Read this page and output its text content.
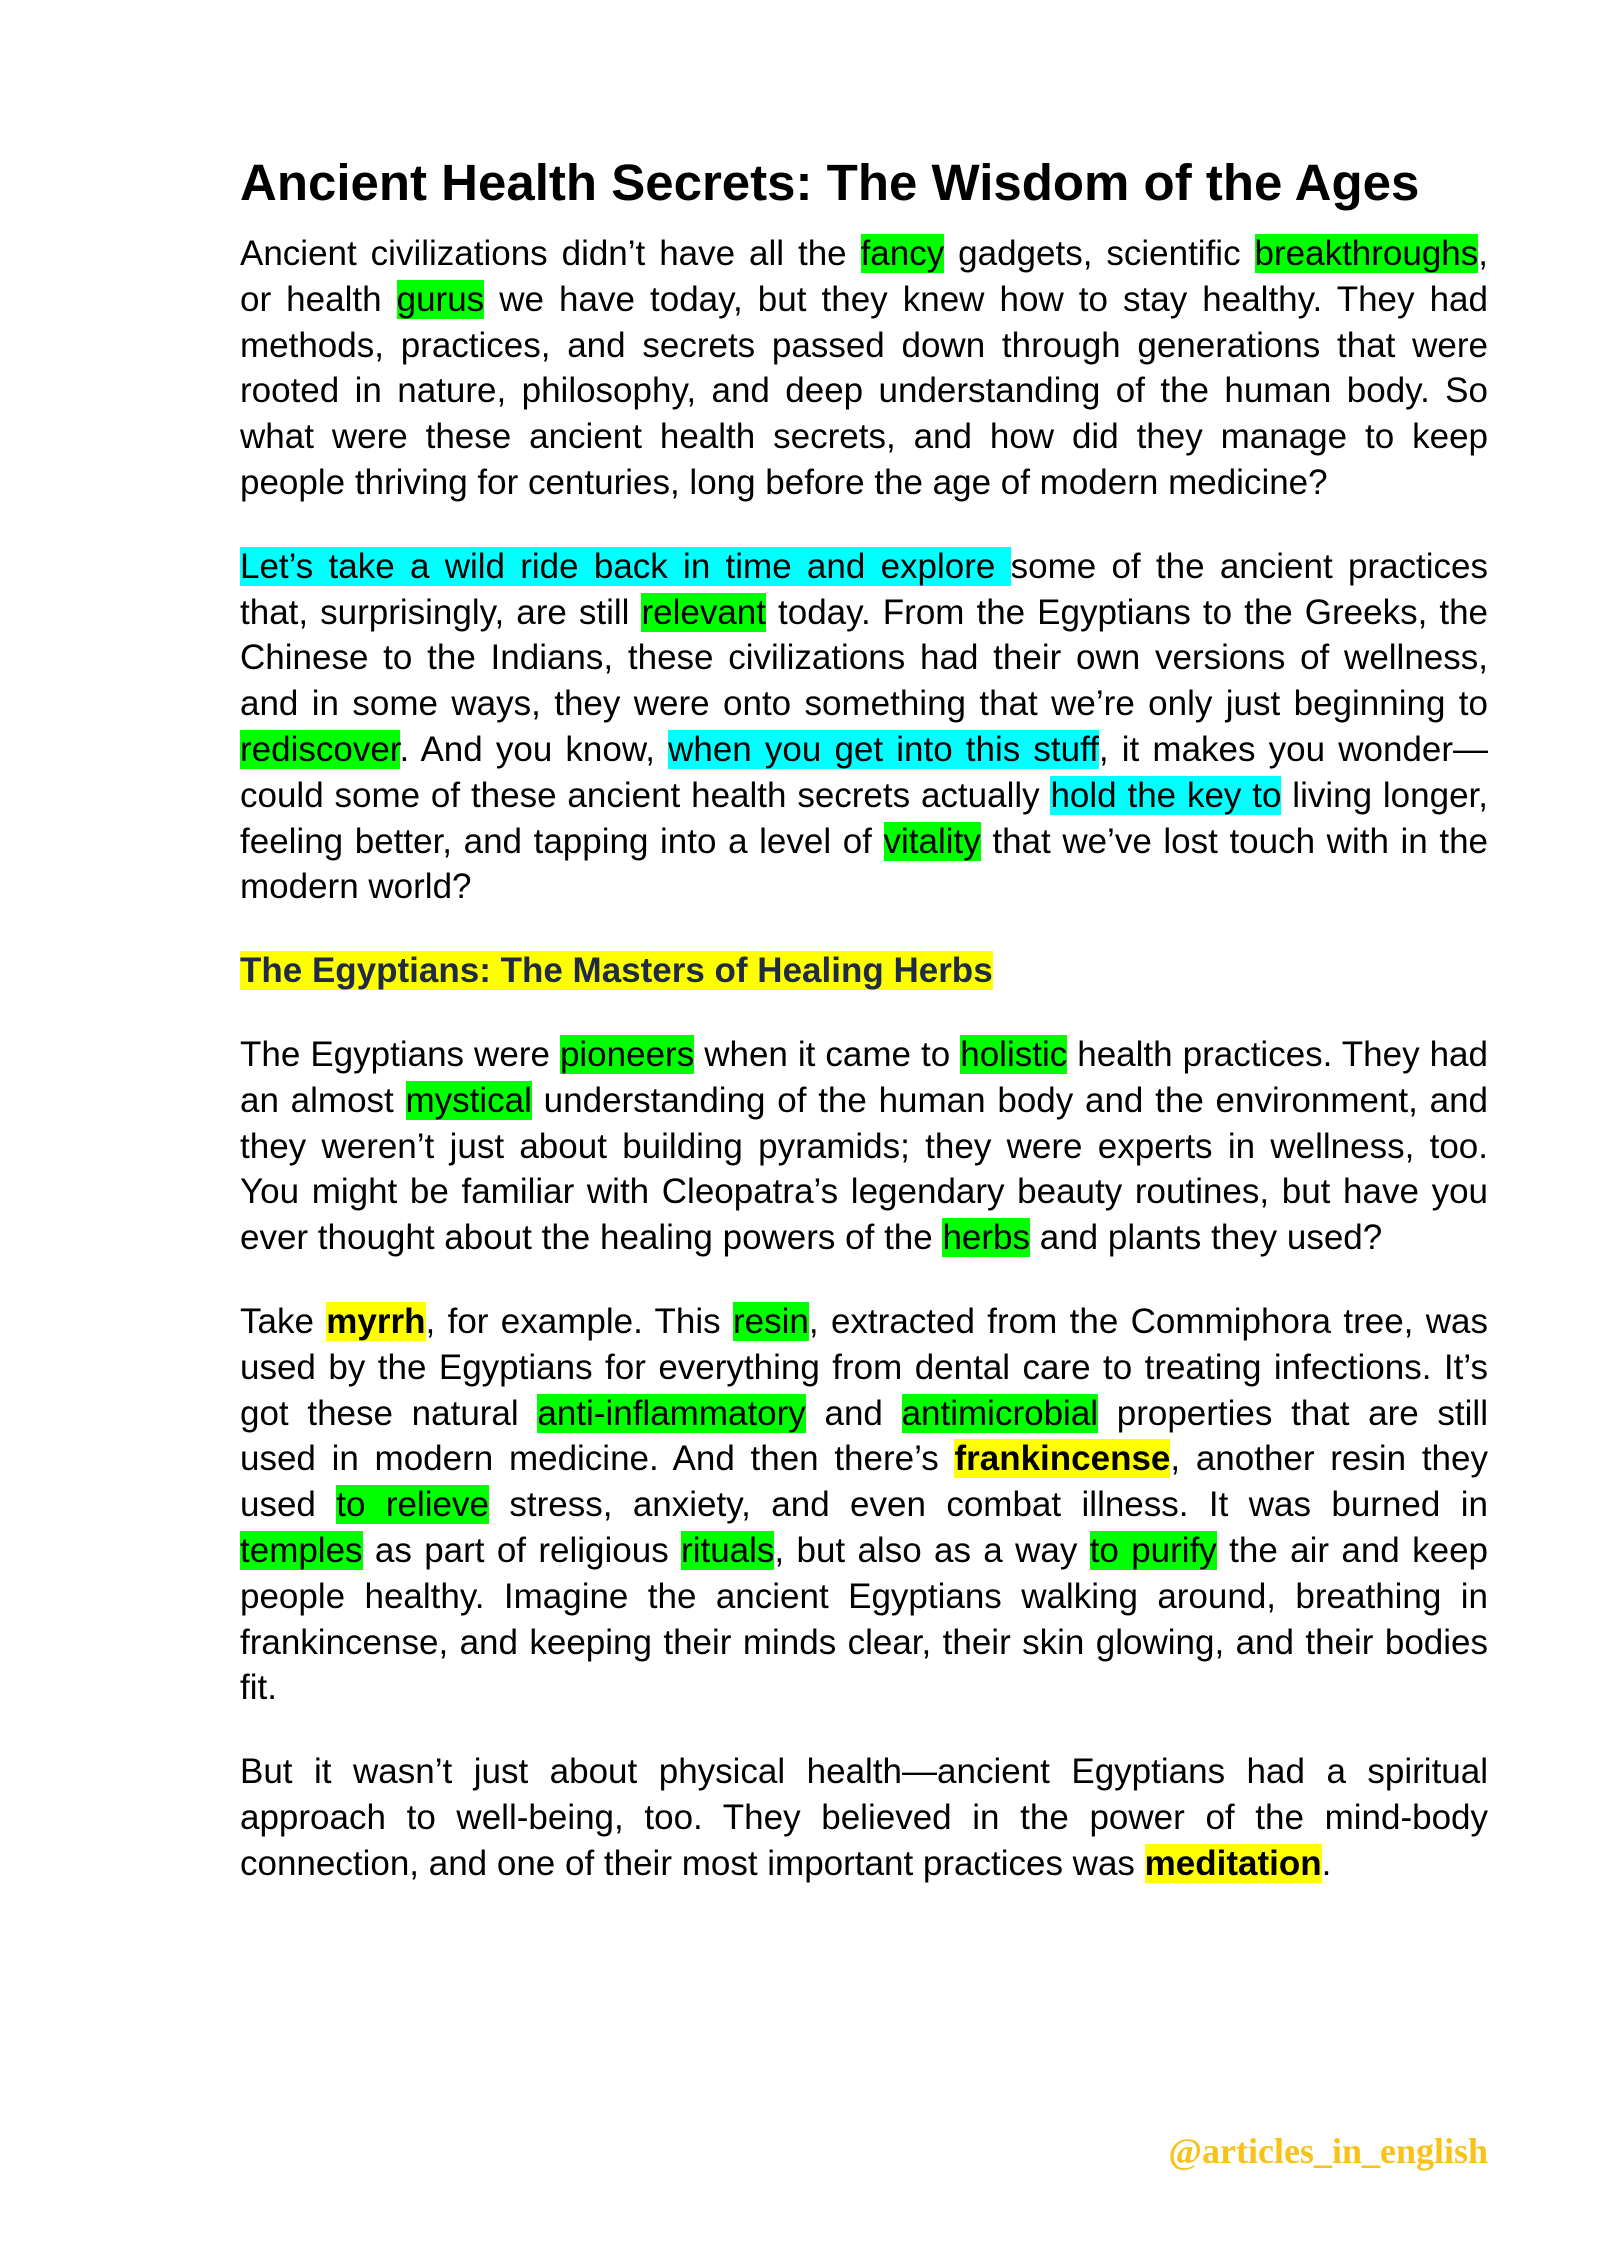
Ancient Health Secrets: The Wisdom of the Ages

Ancient civilizations didn’t have all the fancy gadgets, scientific breakthroughs, or health gurus we have today, but they knew how to stay healthy. They had methods, practices, and secrets passed down through generations that were rooted in nature, philosophy, and deep understanding of the human body. So what were these ancient health secrets, and how did they manage to keep people thriving for centuries, long before the age of modern medicine?

Let’s take a wild ride back in time and explore some of the ancient practices that, surprisingly, are still relevant today. From the Egyptians to the Greeks, the Chinese to the Indians, these civilizations had their own versions of wellness, and in some ways, they were onto something that we’re only just beginning to rediscover. And you know, when you get into this stuff, it makes you wonder—could some of these ancient health secrets actually hold the key to living longer, feeling better, and tapping into a level of vitality that we’ve lost touch with in the modern world?

The Egyptians: The Masters of Healing Herbs

The Egyptians were pioneers when it came to holistic health practices. They had an almost mystical understanding of the human body and the environment, and they weren’t just about building pyramids; they were experts in wellness, too. You might be familiar with Cleopatra’s legendary beauty routines, but have you ever thought about the healing powers of the herbs and plants they used?

Take myrrh, for example. This resin, extracted from the Commiphora tree, was used by the Egyptians for everything from dental care to treating infections. It’s got these natural anti-inflammatory and antimicrobial properties that are still used in modern medicine. And then there’s frankincense, another resin they used to relieve stress, anxiety, and even combat illness. It was burned in temples as part of religious rituals, but also as a way to purify the air and keep people healthy. Imagine the ancient Egyptians walking around, breathing in frankincense, and keeping their minds clear, their skin glowing, and their bodies fit.

But it wasn’t just about physical health—ancient Egyptians had a spiritual approach to well-being, too. They believed in the power of the mind-body connection, and one of their most important practices was meditation.

@articles_in_english
